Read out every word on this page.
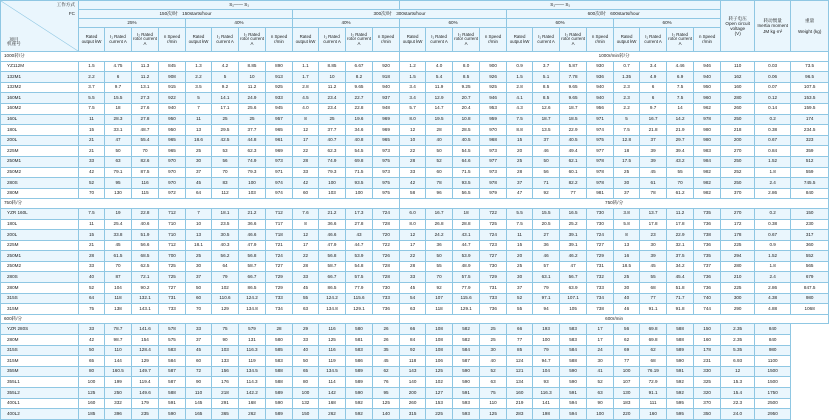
工作方式
FC
项目
机座号	S₁—— S₁												S₁—— S₁												转子电压
Open circuit voltage
(V)	转动惯量
Inertia moment JM kg·m²	重量

Weight (kg)
	150次/时　150starts/hour								300次/时　300starts/hour								600次/时　600starts/hour										
	25%				40%				40%				60%				60%				60%						
	Rated output kW	I₁ Rated current A	I₂ Rated rotor current A	n Speed r/min	Rated output kW	I₁ Rated current A	I₂ Rated rotor current A	n Speed r/min	Rated output kW	I₁ Rated current A	I₂ Rated rotor current A	n Speed r/min	Rated output kW	I₁ Rated current A	I₂ Rated rotor current A	n Speed r/min	Rated output kW	I₁ Rated current A	I₂ Rated rotor current A	n Speed r/min	Rated output kW	I₁ Rated current A	I₂ Rated rotor current A	n Speed r/min			
1000转/分													1000r/min转/分														
YZ112M	1.5	4.75	11.3	845	1.3	4.2	8.85	890	1.1	8.85	6.67	920	1.2	4.0	8.0	900	0.9	3.7	5.87	930	0.7	3.4	4.46	946	110	0.03	73.5
132M1	2.2	6	11.2	908	2.2	5	10	913	1.7	10	8.2	918	1.5	5.4	8.5	926	1.5	5.1	7.78	936	1.35	4.9	6.9	940	162	0.06	96.5
132M2	3.7	9.7	13.1	915	3.5	9.2	11.2	925	2.8	11.2	9.65	940	3.4	11.9	9.25	925	2.8	8.5	9.65	940	2.3	6	7.5	950	160	0.07	107.5
160M1	5.5	15.5	27.3	922	5	14.1	24.9	933	4.5	23.4	22.7	937	3.4	12.9	20.7	946	4.1	8.5	9.65	940	2.3	6	7.5	960	280	0.12	153.5
160M2	7.5	18	27.6	940	7	17.1	25.6	945	4.0	23.4	22.8	948	5.7	14.7	20.4	953	4.3	12.6	18.7	956	2.2	9.7	14	962	260	0.14	159.5
160L	11	28.3	27.8	950	11	25	25	957	8	25	19.6	969	8.0	19.5	10.8	959	7.5	18.7	18.5	971	5	16.7	14.2	978	250	0.2	174
180L	15	33.1	48.7	950	13	29.5	37.7	965	12	37.7	34.6	969	12	28	28.5	970	8.8	13.5	22.9	974	7.5	21.8	21.9	980	218	0.38	234.5
200L	21	47	55.4	965	18.6	42.5	44.8	961	17	40.7	40.8	965	10	40	40.5	968	15	37	40.5	975	12.8	37	29.7	980	200	0.67	323
225M	21	50	70	965	25	53	62.3	969	22	62.3	54.5	973	22	50	54.5	973	20	46	49.4	977	18	39	39.4	983	270	0.84	359
250M1	33	63	82.6	970	30	56	74.9	973	28	74.9	69.8	975	28	52	64.6	977	25	50	62.1	978	17.5	39	43.2	984	250	1.52	512
250M2	42	79.1	87.5	970	37	70	79.3	971	33	79.3	71.5	973	33	60	71.5	973	28	56	60.1	978	25	45	55	982	252	1.8	559
280S	52	95	116	970	45	83	100	974	42	100	93.5	975	42	78	93.5	978	37	71	82.2	978	30	61	70	982	250	2.4	745.5
280M	70	130	115	972	64	112	103	974	60	103	100	975	58	96	56.5	979	47	92	77	981	37	78	61.2	982	370	2.86	840
750转/分													750转/分														
YZR 160L	7.5	19	22.8	712	7	18.1	21.2	712	7.6	21.2	17.3	724	6.0	16.7	18	722	5.5	15.5	16.5	730	3.8	13.7	11.2	735	270	0.2	150
180L	11	25.4	40.6	710	10	23.5	36.6	717	8	36.6	27.8	728	8.0	26.8	28.8	725	7.5	20.5	25.2	730	5.8	17.8	17.8	736	172	0.38	230
200L	15	33.8	51.9	710	13	30.5	46.6	718	12	46.6	43	720	12	24.2	43.1	724	11	27	39.1	724	8	23	22.9	738	178	0.67	317
225M	21	45	56.6	712	18.1	40.3	47.9	721	17	47.9	44.7	722	17	36	44.7	723	15	36	39.1	727	13	30	32.1	736	225	0.9	360
250M1	28	61.5	68.5	700	25	56.2	56.8	724	22	56.8	53.9	726	22	50	53.9	727	20	46	46.2	729	16	39	37.5	735	294	1.52	552
250M2	33	70	62.5	725	30	64	58.7	727	28	58.7	54.8	728	28	55	48.9	730	25	57	47	731	18.5	45	34.2	737	280	1.8	565
280S	40	87	72.1	725	37	79	66.7	729	33	66.7	57.5	728	33	70	57.5	729	30	63.1	56.7	732	25	55	45.4	736	210	2.4	679
280M	52	104	90.2	727	50	102	86.5	729	45	86.5	77.9	730	45	92	77.9	731	37	79	63.9	733	30	68	51.8	736	225	2.86	847.5
315S	64	118	132.1	731	60	110.6	124.2	733	55	124.2	115.6	733	54	107	115.6	733	52	97.1	107.1	734	40	77	71.7	740	300	4.38	980
315M	75	138	143.1	733	70	129	134.8	734	63	134.8	129.1	736	63	118	129.1	736	55	94	105	738	46	91.1	91.8	744	290	4.88	1068
600转/分													600r/min														
YZR 280S	33	78.7	141.6	578	33	75	579	28	29	116	580	26	66	108	582	25	66	193	583	17	56	69.8	588	150	2.35	840	
280M	42	98.7	154	575	37	90	131	580	33	125	581	26	84	108	582	25	77	100	583	17	62	69.8	588	160	2.35	840	
315S	50	110	128.4	583	45	103	116.3	585	40	116	583	35	92	108	584	30	85	79	584	24	69	62	589	178	5.35	980	
315M	65	144	129	584	60	133	119	583	50	119	586	45	118	106	587	40	124	94.7	588	30	77	68	590	231	6.93	1100	
355M	80	160.5	149.7	587	72	156	134.5	588	65	134.5	589	62	143	125	590	52	121	104	590	41	100	76.19	591	330	12	1500	
355L1	100	199	119.4	587	90	176	114.3	588	80	114	589	76	140	102	590	63	134	93	590	52	107	72.9	592	325	15.3	1500	
355L2	125	250	149.6	588	110	218	142.2	589	100	142	590	95	200	127	591	75	160	116.3	591	63	130	91.1	592	320	15.4	1750	
400L1	160	332	179	591	145	291	168	590	132	168	592	125	260	153	593	110	219	141	594	90	183	111	595	370	22.3	2500	
400L2	185	396	235	590	165	365	262	589	150	262	592	140	315	225	593	125	283	198	594	100	220	160	595	350	24.0	2950	
